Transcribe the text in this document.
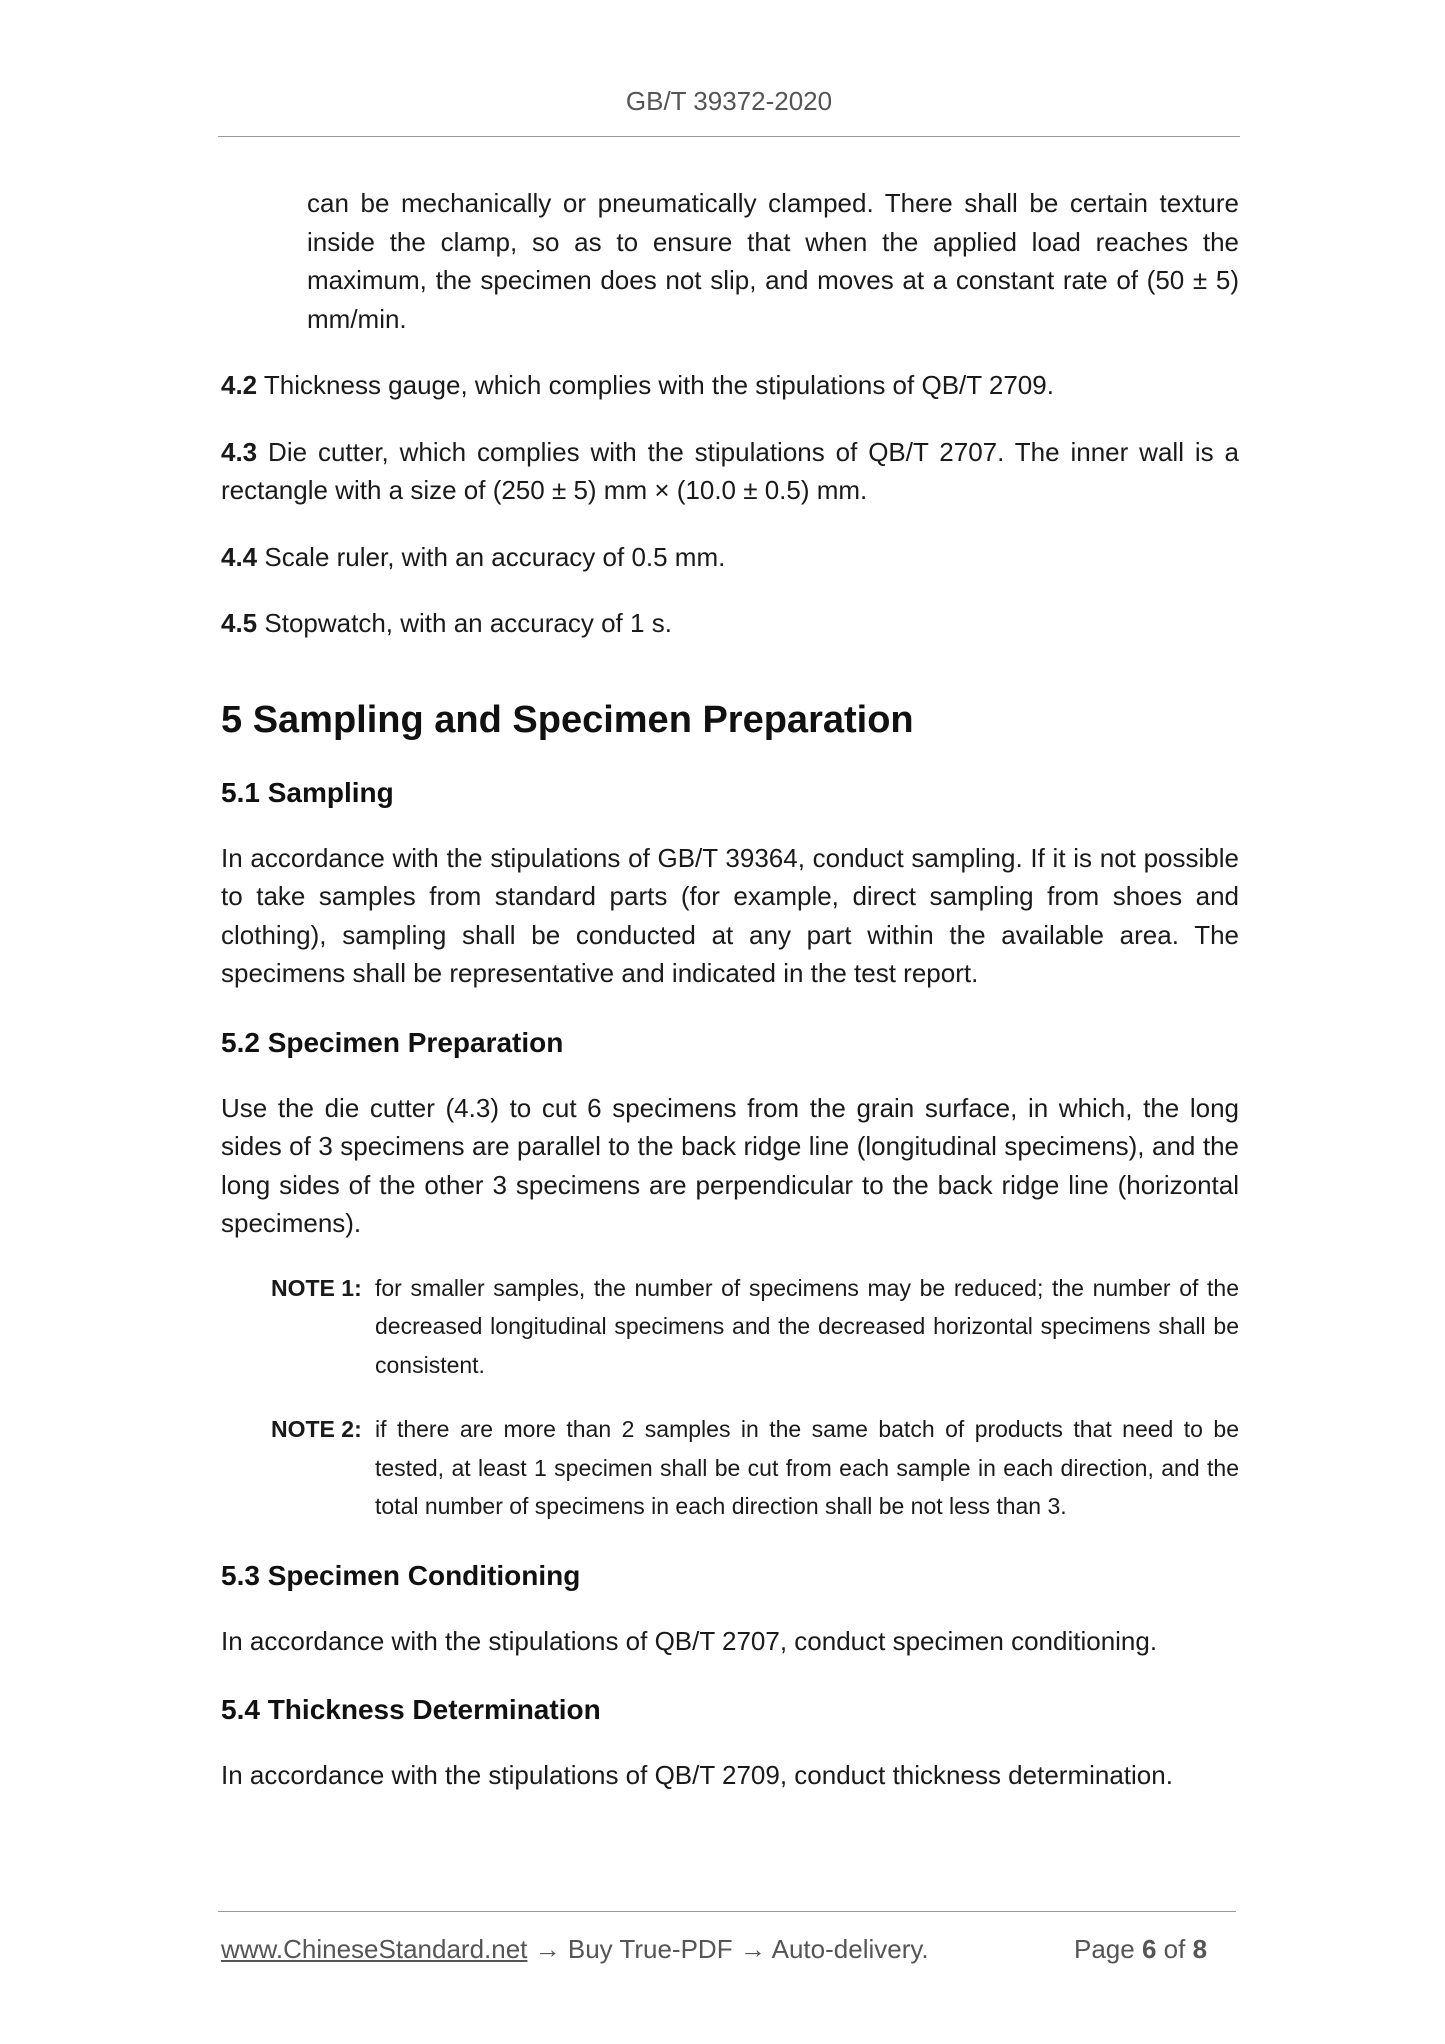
GB/T 39372-2020

can be mechanically or pneumatically clamped. There shall be certain texture inside the clamp, so as to ensure that when the applied load reaches the maximum, the specimen does not slip, and moves at a constant rate of (50 ± 5) mm/min.

4.2 Thickness gauge, which complies with the stipulations of QB/T 2709.

4.3 Die cutter, which complies with the stipulations of QB/T 2707. The inner wall is a rectangle with a size of (250 ± 5) mm × (10.0 ± 0.5) mm.

4.4 Scale ruler, with an accuracy of 0.5 mm.

4.5 Stopwatch, with an accuracy of 1 s.

5 Sampling and Specimen Preparation
5.1 Sampling

In accordance with the stipulations of GB/T 39364, conduct sampling. If it is not possible to take samples from standard parts (for example, direct sampling from shoes and clothing), sampling shall be conducted at any part within the available area. The specimens shall be representative and indicated in the test report.

5.2 Specimen Preparation

Use the die cutter (4.3) to cut 6 specimens from the grain surface, in which, the long sides of 3 specimens are parallel to the back ridge line (longitudinal specimens), and the long sides of the other 3 specimens are perpendicular to the back ridge line (horizontal specimens).

NOTE 1: for smaller samples, the number of specimens may be reduced; the number of the decreased longitudinal specimens and the decreased horizontal specimens shall be consistent.
NOTE 2: if there are more than 2 samples in the same batch of products that need to be tested, at least 1 specimen shall be cut from each sample in each direction, and the total number of specimens in each direction shall be not less than 3.
5.3 Specimen Conditioning

In accordance with the stipulations of QB/T 2707, conduct specimen conditioning.

5.4 Thickness Determination

In accordance with the stipulations of QB/T 2709, conduct thickness determination.

www.ChineseStandard.net → Buy True-PDF → Auto-delivery.	Page 6 of 8
